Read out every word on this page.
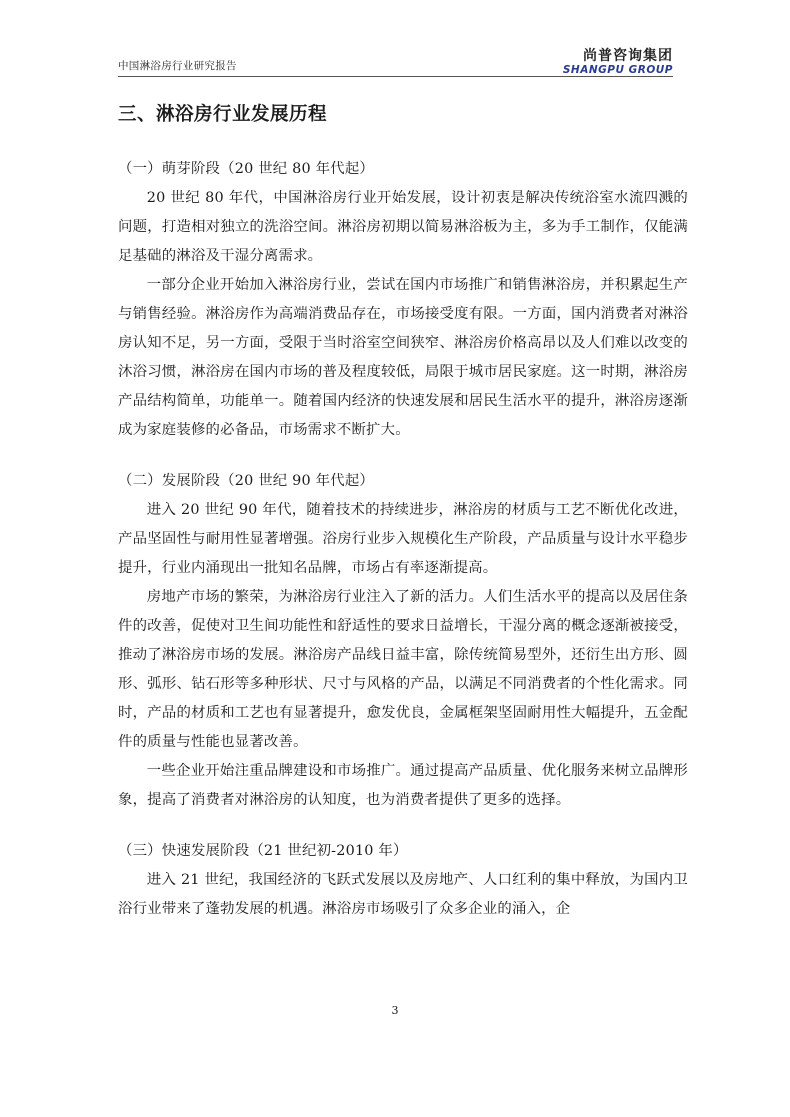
中国淋浴房行业研究报告
尚普咨询集团
SHANGPU GROUP
三、淋浴房行业发展历程

（一）萌芽阶段（20 世纪 80 年代起）

20 世纪 80 年代，中国淋浴房行业开始发展，设计初衷是解决传统浴室水流四溅的问题，打造相对独立的洗浴空间。淋浴房初期以简易淋浴板为主，多为手工制作，仅能满足基础的淋浴及干湿分离需求。

一部分企业开始加入淋浴房行业，尝试在国内市场推广和销售淋浴房，并积累起生产与销售经验。淋浴房作为高端消费品存在，市场接受度有限。一方面，国内消费者对淋浴房认知不足，另一方面，受限于当时浴室空间狭窄、淋浴房价格高昂以及人们难以改变的沐浴习惯，淋浴房在国内市场的普及程度较低，局限于城市居民家庭。这一时期，淋浴房产品结构简单，功能单一。随着国内经济的快速发展和居民生活水平的提升，淋浴房逐渐成为家庭装修的必备品，市场需求不断扩大。

（二）发展阶段（20 世纪 90 年代起）

进入 20 世纪 90 年代，随着技术的持续进步，淋浴房的材质与工艺不断优化改进，产品坚固性与耐用性显著增强。浴房行业步入规模化生产阶段，产品质量与设计水平稳步提升，行业内涌现出一批知名品牌，市场占有率逐渐提高。

房地产市场的繁荣，为淋浴房行业注入了新的活力。人们生活水平的提高以及居住条件的改善，促使对卫生间功能性和舒适性的要求日益增长，干湿分离的概念逐渐被接受，推动了淋浴房市场的发展。淋浴房产品线日益丰富，除传统简易型外，还衍生出方形、圆形、弧形、钻石形等多种形状、尺寸与风格的产品，以满足不同消费者的个性化需求。同时，产品的材质和工艺也有显著提升，愈发优良，金属框架坚固耐用性大幅提升，五金配件的质量与性能也显著改善。

一些企业开始注重品牌建设和市场推广。通过提高产品质量、优化服务来树立品牌形象，提高了消费者对淋浴房的认知度，也为消费者提供了更多的选择。

（三）快速发展阶段（21 世纪初-2010 年）

进入 21 世纪，我国经济的飞跃式发展以及房地产、人口红利的集中释放，为国内卫浴行业带来了蓬勃发展的机遇。淋浴房市场吸引了众多企业的涌入，企

3
